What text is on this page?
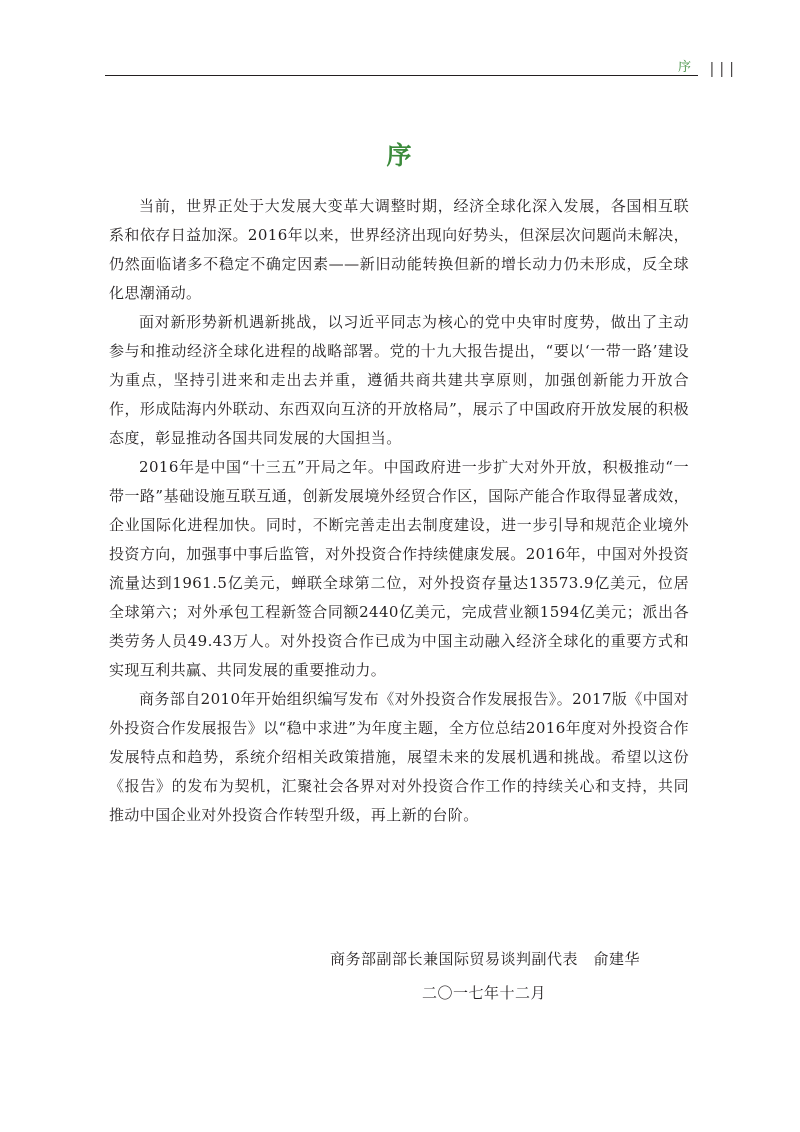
序 III
序

当前，世界正处于大发展大变革大调整时期，经济全球化深入发展，各国相互联系和依存日益加深。2016年以来，世界经济出现向好势头，但深层次问题尚未解决，仍然面临诸多不稳定不确定因素——新旧动能转换但新的增长动力仍未形成，反全球化思潮涌动。

面对新形势新机遇新挑战，以习近平同志为核心的党中央审时度势，做出了主动参与和推动经济全球化进程的战略部署。党的十九大报告提出，“要以‘一带一路’建设为重点，坚持引进来和走出去并重，遵循共商共建共享原则，加强创新能力开放合作，形成陆海内外联动、东西双向互济的开放格局”，展示了中国政府开放发展的积极态度，彰显推动各国共同发展的大国担当。

2016年是中国“十三五”开局之年。中国政府进一步扩大对外开放，积极推动“一带一路”基础设施互联互通，创新发展境外经贸合作区，国际产能合作取得显著成效，企业国际化进程加快。同时，不断完善走出去制度建设，进一步引导和规范企业境外投资方向，加强事中事后监管，对外投资合作持续健康发展。2016年，中国对外投资流量达到1961.5亿美元，蝉联全球第二位，对外投资存量达13573.9亿美元，位居全球第六；对外承包工程新签合同额2440亿美元，完成营业额1594亿美元；派出各类劳务人员49.43万人。对外投资合作已成为中国主动融入经济全球化的重要方式和实现互利共赢、共同发展的重要推动力。

商务部自2010年开始组织编写发布《对外投资合作发展报告》。2017版《中国对外投资合作发展报告》以“稳中求进”为年度主题，全方位总结2016年度对外投资合作发展特点和趋势，系统介绍相关政策措施，展望未来的发展机遇和挑战。希望以这份《报告》的发布为契机，汇聚社会各界对对外投资合作工作的持续关心和支持，共同推动中国企业对外投资合作转型升级，再上新的台阶。

商务部副部长兼国际贸易谈判副代表　俞建华
二〇一七年十二月
